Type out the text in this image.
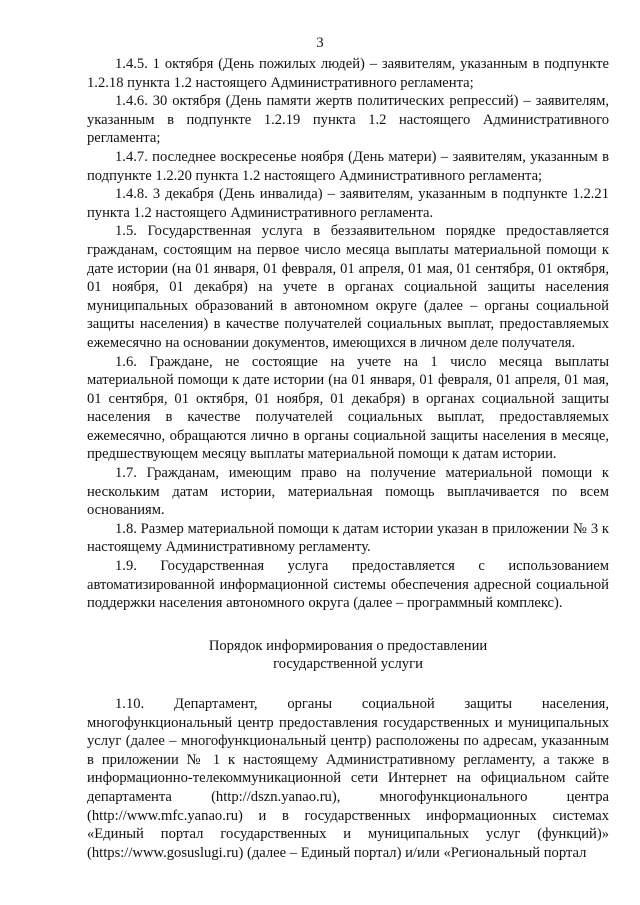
3

1.4.5. 1 октября (День пожилых людей) – заявителям, указанным в подпункте 1.2.18 пункта 1.2 настоящего Административного регламента;

1.4.6. 30 октября (День памяти жертв политических репрессий) – заявителям, указанным в подпункте 1.2.19 пункта 1.2 настоящего Административного регламента;

1.4.7. последнее воскресенье ноября (День матери) – заявителям, указанным в подпункте 1.2.20 пункта 1.2 настоящего Административного регламента;

1.4.8. 3 декабря (День инвалида) – заявителям, указанным в подпункте 1.2.21 пункта 1.2 настоящего Административного регламента.

1.5. Государственная услуга в беззаявительном порядке предоставляется гражданам, состоящим на первое число месяца выплаты материальной помощи к дате истории (на 01 января, 01 февраля, 01 апреля, 01 мая, 01 сентября, 01 октября, 01 ноября, 01 декабря) на учете в органах социальной защиты населения муниципальных образований в автономном округе (далее – органы социальной защиты населения) в качестве получателей социальных выплат, предоставляемых ежемесячно на основании документов, имеющихся в личном деле получателя.

1.6. Граждане, не состоящие на учете на 1 число месяца выплаты материальной помощи к дате истории (на 01 января, 01 февраля, 01 апреля, 01 мая, 01 сентября, 01 октября, 01 ноября, 01 декабря) в органах социальной защиты населения в качестве получателей социальных выплат, предоставляемых ежемесячно, обращаются лично в органы социальной защиты населения в месяце, предшествующем месяцу выплаты материальной помощи к датам истории.

1.7. Гражданам, имеющим право на получение материальной помощи к нескольким датам истории, материальная помощь выплачивается по всем основаниям.

1.8. Размер материальной помощи к датам истории указан в приложении № 3 к настоящему Административному регламенту.

1.9. Государственная услуга предоставляется с использованием автоматизированной информационной системы обеспечения адресной социальной поддержки населения автономного округа (далее – программный комплекс).

Порядок информирования о предоставлении
государственной услуги

1.10. Департамент, органы социальной защиты населения, многофункциональный центр предоставления государственных и муниципальных услуг (далее – многофункциональный центр) расположены по адресам, указанным в приложении № 1 к настоящему Административному регламенту, а также в информационно-телекоммуникационной сети Интернет на официальном сайте департамента (http://dszn.yanao.ru), многофункционального центра (http://www.mfc.yanao.ru) и в государственных информационных системах «Единый портал государственных и муниципальных услуг (функций)» (https://www.gosuslugi.ru) (далее – Единый портал) и/или «Региональный портал
